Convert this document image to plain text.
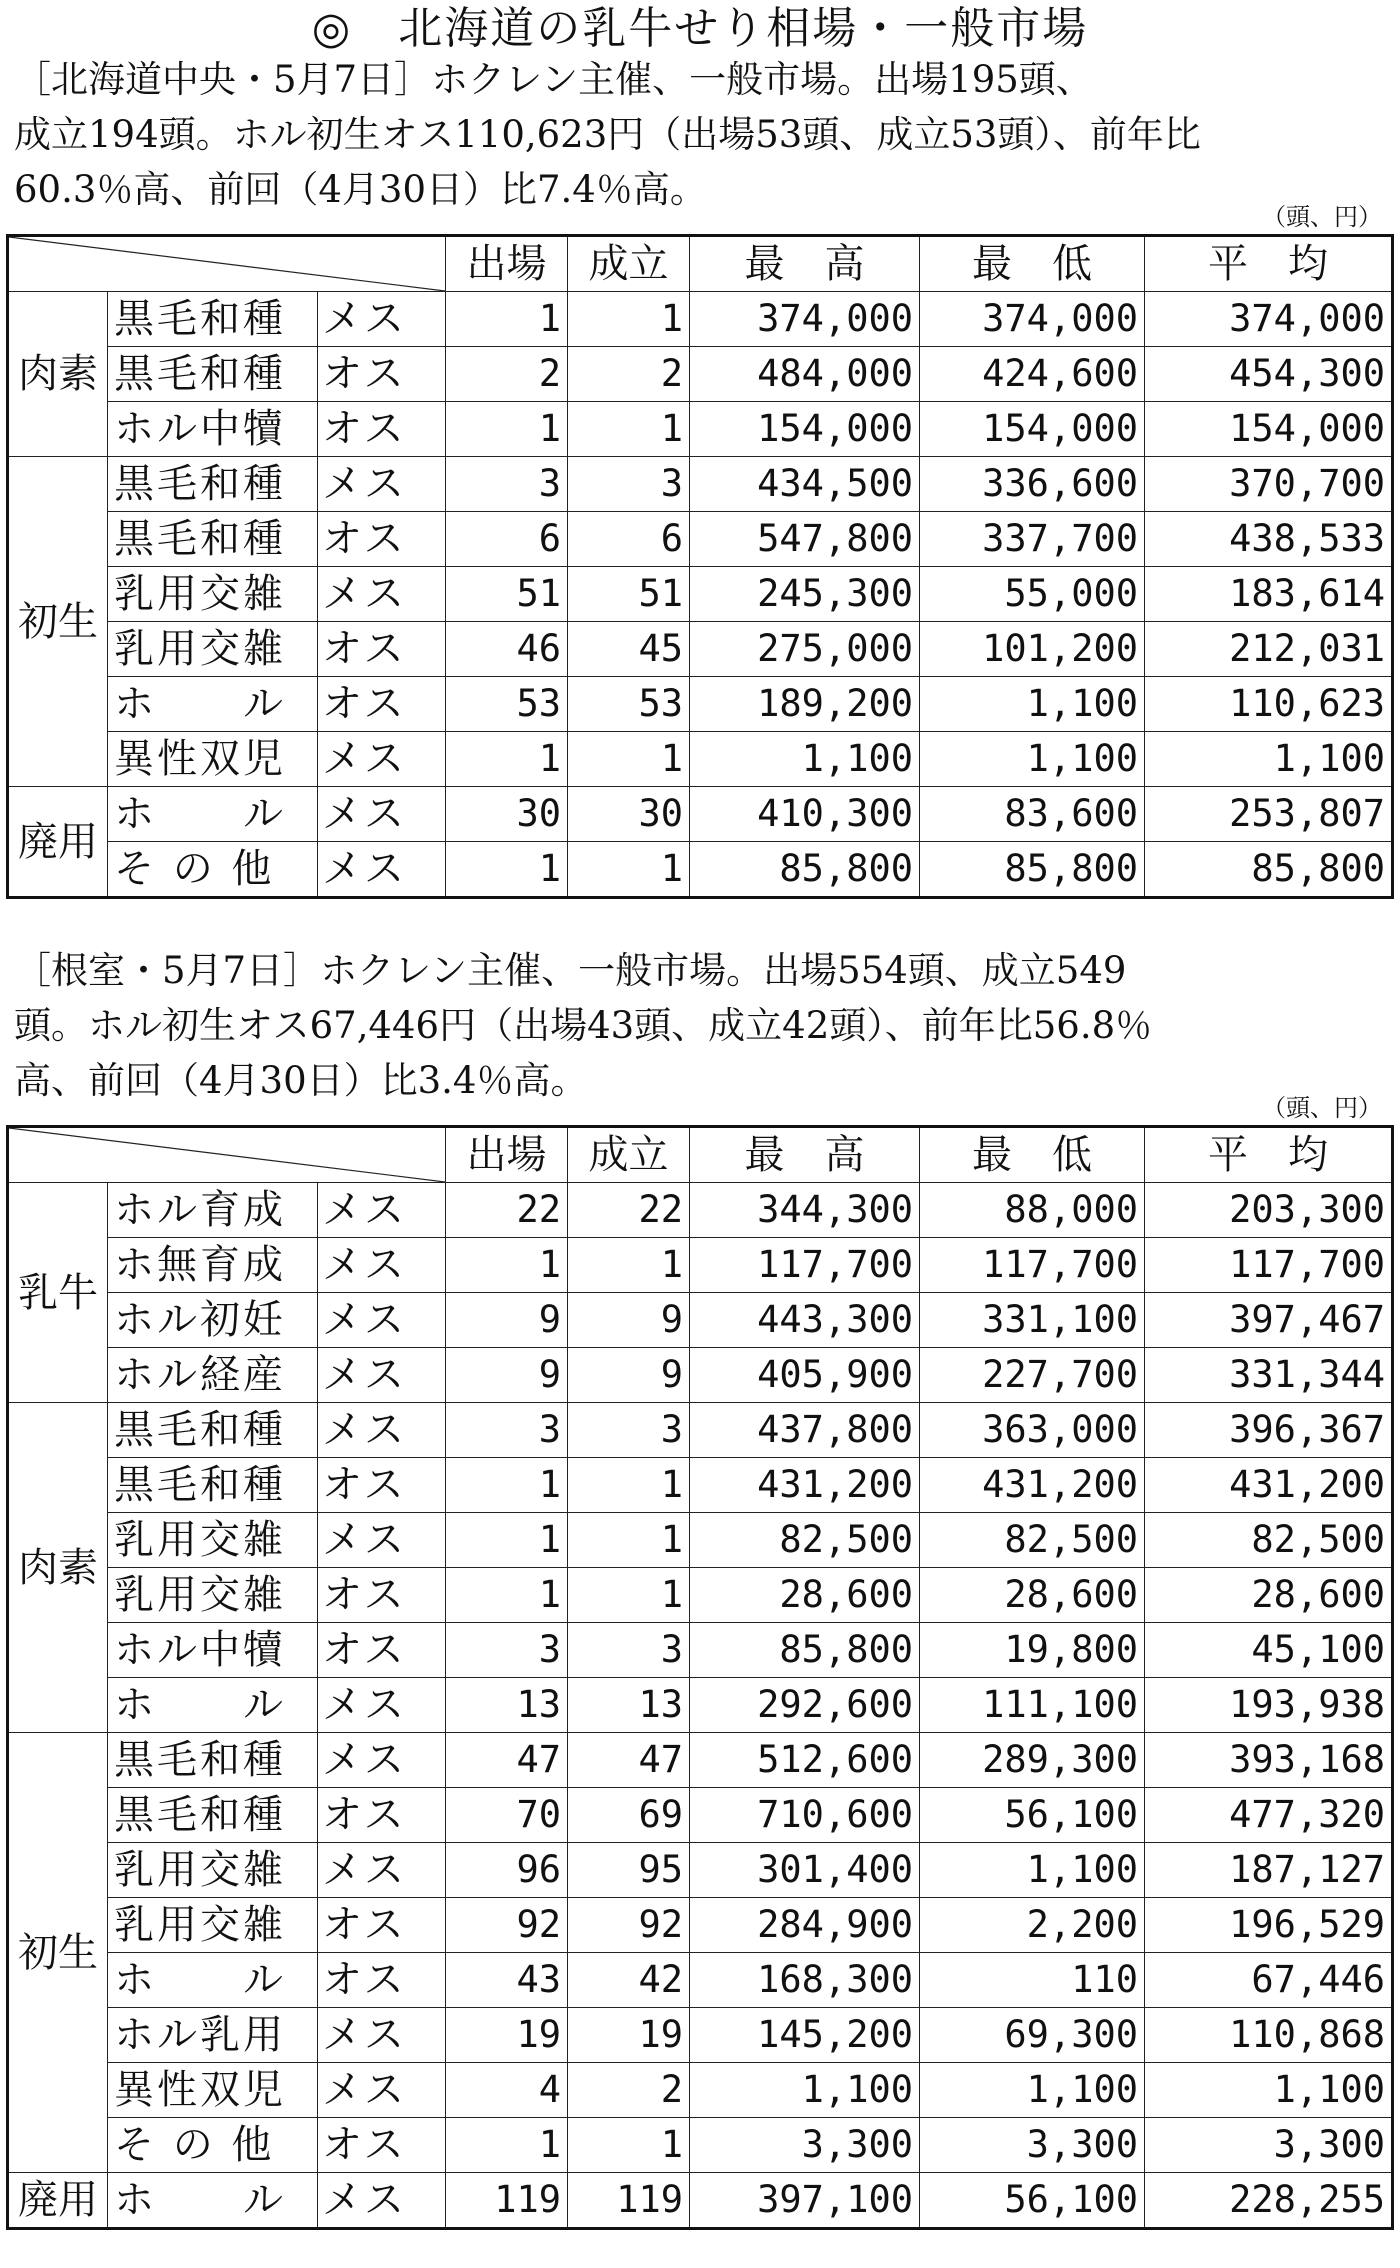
◎　北海道の乳牛せり相場・一般市場

［北海道中央・5月7日］ホクレン主催、一般市場。出場195頭、

成立194頭。ホル初生オス110,623円（出場53頭、成立53頭）、前年比

60.3％高、前回（4月30日）比7.4％高。

（頭、円）
	出場	成立	最　高	最　低	平　均
肉素	黒毛和種	メス	1	1	374,000	374,000	374,000
	黒毛和種	オス	2	2	484,000	424,600	454,300
	ホル中犢	オス	1	1	154,000	154,000	154,000
初生	黒毛和種	メス	3	3	434,500	336,600	370,700
	黒毛和種	オス	6	6	547,800	337,700	438,533
	乳用交雑	メス	51	51	245,300	55,000	183,614
	乳用交雑	オス	46	45	275,000	101,200	212,031
	ホ　　ル	オス	53	53	189,200	1,100	110,623
	異性双児	メス	1	1	1,100	1,100	1,100
廃用	ホ　　ル	メス	30	30	410,300	83,600	253,807
	そ の 他	メス	1	1	85,800	85,800	85,800

［根室・5月7日］ホクレン主催、一般市場。出場554頭、成立549

頭。ホル初生オス67,446円（出場43頭、成立42頭）、前年比56.8％

高、前回（4月30日）比3.4％高。

（頭、円）
	出場	成立	最　高	最　低	平　均
乳牛	ホル育成	メス	22	22	344,300	88,000	203,300
	ホ無育成	メス	1	1	117,700	117,700	117,700
	ホル初妊	メス	9	9	443,300	331,100	397,467
	ホル経産	メス	9	9	405,900	227,700	331,344
肉素	黒毛和種	メス	3	3	437,800	363,000	396,367
	黒毛和種	オス	1	1	431,200	431,200	431,200
	乳用交雑	メス	1	1	82,500	82,500	82,500
	乳用交雑	オス	1	1	28,600	28,600	28,600
	ホル中犢	オス	3	3	85,800	19,800	45,100
	ホ　　ル	メス	13	13	292,600	111,100	193,938
初生	黒毛和種	メス	47	47	512,600	289,300	393,168
	黒毛和種	オス	70	69	710,600	56,100	477,320
	乳用交雑	メス	96	95	301,400	1,100	187,127
	乳用交雑	オス	92	92	284,900	2,200	196,529
	ホ　　ル	オス	43	42	168,300	110	67,446
	ホル乳用	メス	19	19	145,200	69,300	110,868
	異性双児	メス	4	2	1,100	1,100	1,100
	そ の 他	オス	1	1	3,300	3,300	3,300
廃用	ホ　　ル	メス	119	119	397,100	56,100	228,255
